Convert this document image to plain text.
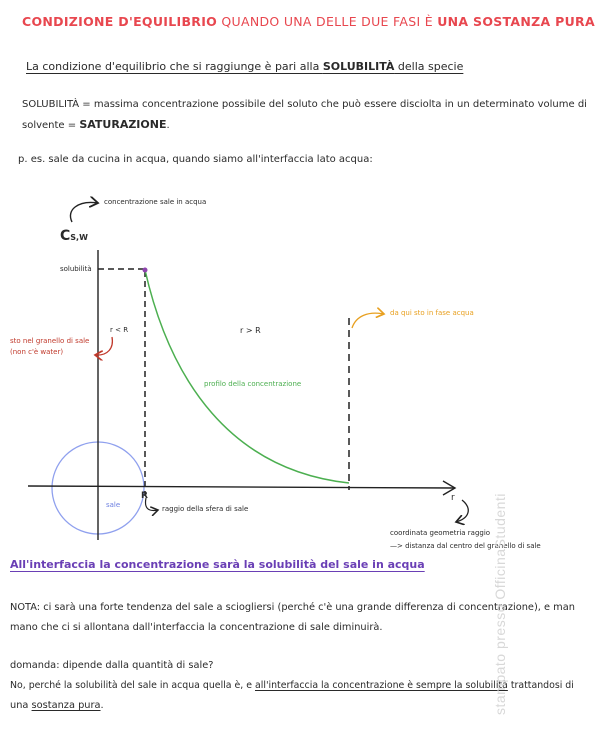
CONDIZIONE D'EQUILIBRIO QUANDO UNA DELLE DUE FASI È UNA SOSTANZA PURA
La condizione d'equilibrio che si raggiunge è pari alla SOLUBILITÀ della specie
SOLUBILITÀ = massima concentrazione possibile del soluto che può essere disciolta in un determinato volume di
solvente = SATURAZIONE.
p. es. sale da cucina in acqua, quando siamo all'interfaccia lato acqua:
concentrazione sale in acqua
CS,W
solubilità
r < R	r > R
sto nel granello di sale
(non c'è water)
da qui sto in fase acqua
profilo della concentrazione
sale
R
raggio della sfera di sale
r
coordinata geometria raggio
—> distanza dal centro del granello di sale
All'interfaccia la concentrazione sarà la solubilità del sale in acqua
NOTA: ci sarà una forte tendenza del sale a sciogliersi (perché c'è una grande differenza di concentrazione), e man
mano che ci si allontana dall'interfaccia la concentrazione di sale diminuirà.
domanda: dipende dalla quantità di sale?
No, perché la solubilità del sale in acqua quella è, e all'interfaccia la concentrazione è sempre la solubilità trattandosi di
una sostanza pura.	stampato presso OfficinaStudenti
